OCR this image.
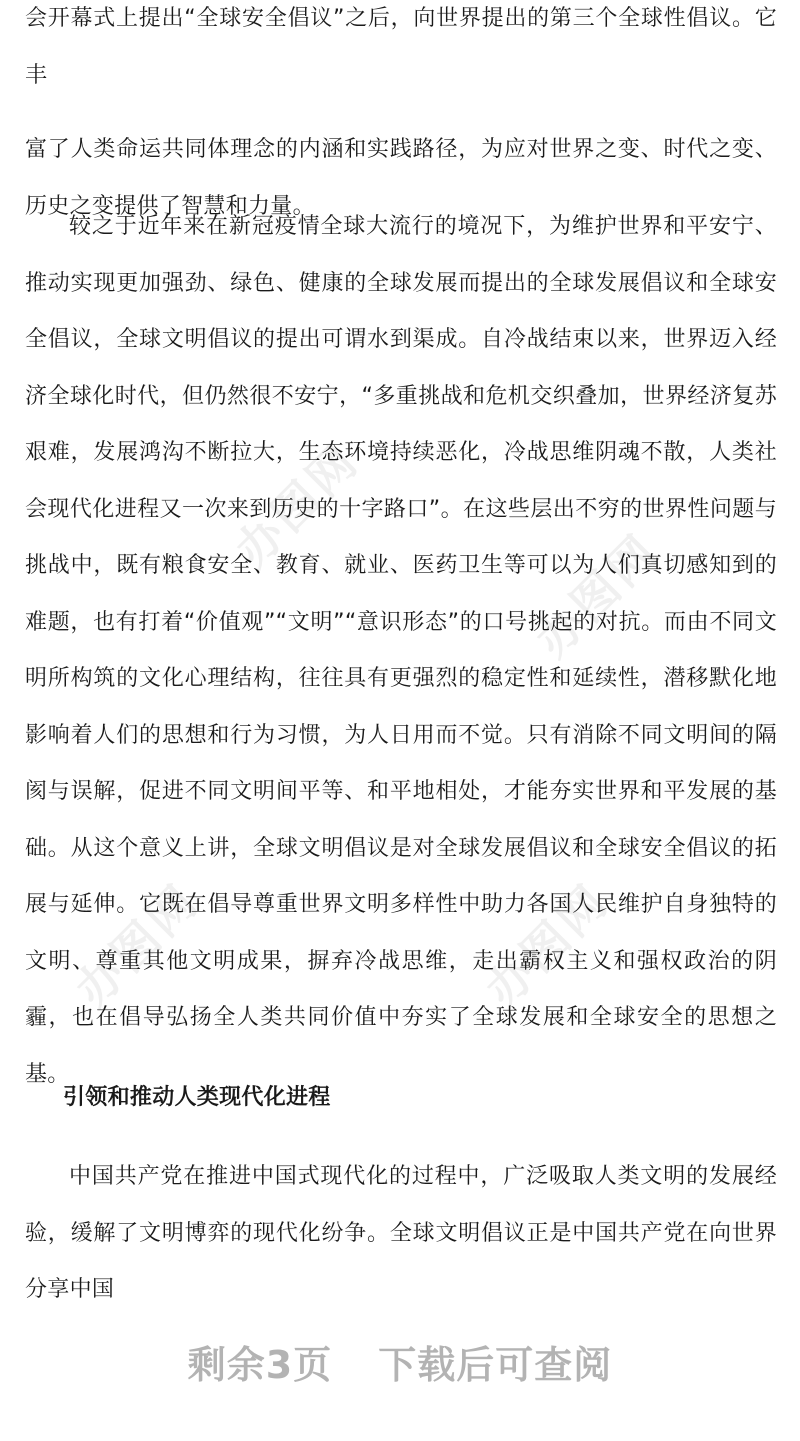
办图网
办图网
办图网	办图网
会开幕式上提出“全球安全倡议”之后，向世界提出的第三个全球性倡议。它丰
富了人类命运共同体理念的内涵和实践路径，为应对世界之变、时代之变、历史之变提供了智慧和力量。
较之于近年来在新冠疫情全球大流行的境况下，为维护世界和平安宁、推动实现更加强劲、绿色、健康的全球发展而提出的全球发展倡议和全球安全倡议，全球文明倡议的提出可谓水到渠成。自冷战结束以来，世界迈入经济全球化时代，但仍然很不安宁，“多重挑战和危机交织叠加，世界经济复苏艰难，发展鸿沟不断拉大，生态环境持续恶化，冷战思维阴魂不散，人类社会现代化进程又一次来到历史的十字路口”。在这些层出不穷的世界性问题与挑战中，既有粮食安全、教育、就业、医药卫生等可以为人们真切感知到的难题，也有打着“价值观”“文明”“意识形态”的口号挑起的对抗。而由不同文明所构筑的文化心理结构，往往具有更强烈的稳定性和延续性，潜移默化地影响着人们的思想和行为习惯，为人日用而不觉。只有消除不同文明间的隔阂与误解，促进不同文明间平等、和平地相处，才能夯实世界和平发展的基础。从这个意义上讲，全球文明倡议是对全球发展倡议和全球安全倡议的拓展与延伸。它既在倡导尊重世界文明多样性中助力各国人民维护自身独特的文明、尊重其他文明成果，摒弃冷战思维，走出霸权主义和强权政治的阴霾，也在倡导弘扬全人类共同价值中夯实了全球发展和全球安全的思想之基。
引领和推动人类现代化进程
中国共产党在推进中国式现代化的过程中，广泛吸取人类文明的发展经验，缓解了文明博弈的现代化纷争。全球文明倡议正是中国共产党在向世界分享中国
剩余3页 下载后可查阅
